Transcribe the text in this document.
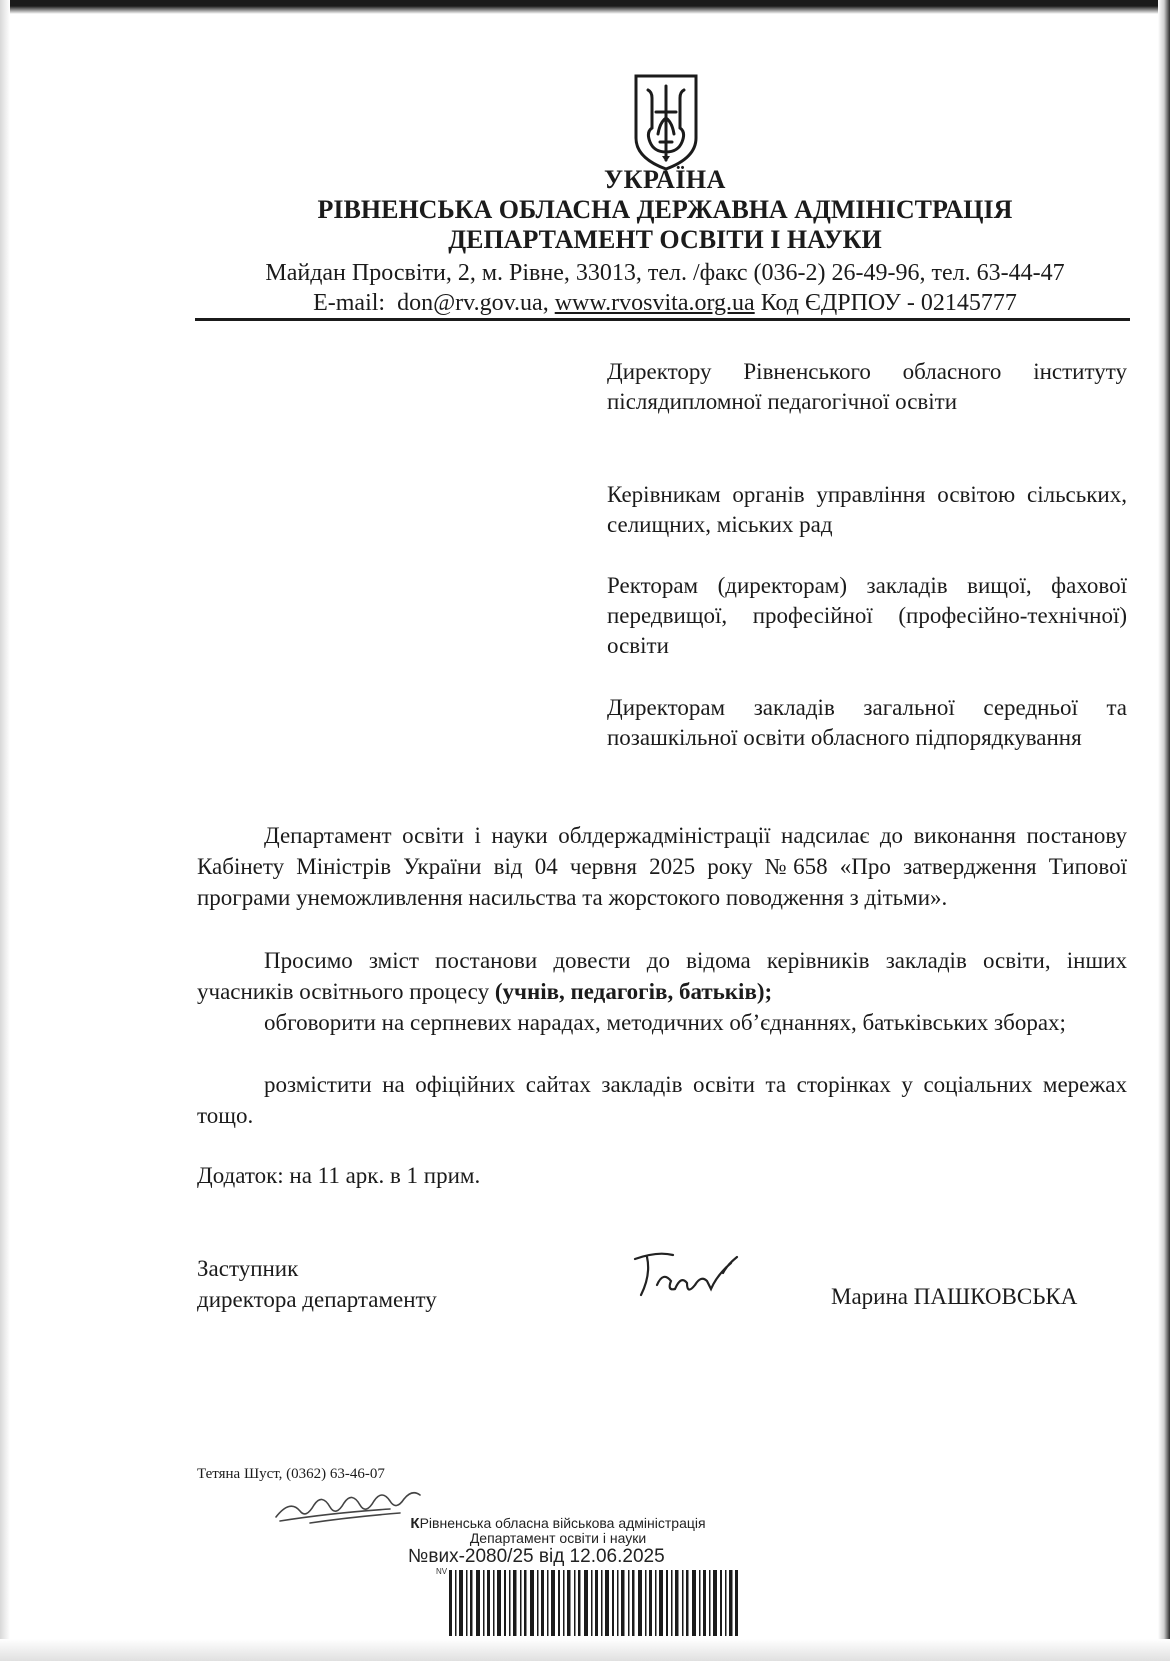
УКРАЇНА
РІВНЕНСЬКА ОБЛАСНА ДЕРЖАВНА АДМІНІСТРАЦІЯ
ДЕПАРТАМЕНТ ОСВІТИ І НАУКИ
Майдан Просвіти, 2, м. Рівне, 33013, тел. /факс (036-2) 26-49-96, тел. 63-44-47
E-mail: don@rv.gov.ua, www.rvosvita.org.ua Код ЄДРПОУ - 02145777
Директору Рівненського обласного інституту післядипломної педагогічної освіти
Керівникам органів управління освітою сільських, селищних, міських рад
Ректорам (директорам) закладів вищої, фахової передвищої, професійної (професійно-технічної) освіти
Директорам закладів загальної середньої та позашкільної освіти обласного підпорядкування
Департамент освіти і науки облдержадміністрації надсилає до виконання постанову Кабінету Міністрів України від 04 червня 2025 року №658 «Про затвердження Типової програми унеможливлення насильства та жорстокого поводження з дітьми».
Просимо зміст постанови довести до відома керівників закладів освіти, інших учасників освітнього процесу (учнів, педагогів, батьків);
обговорити на серпневих нарадах, методичних об’єднаннях, батьківських зборах;
розмістити на офіційних сайтах закладів освіти та сторінках у соціальних мережах тощо.
Додаток: на 11 арк. в 1 прим.
Заступник
директора департаменту	Марина ПАШКОВСЬКА
Тетяна Шуст, (0362) 63-46-07
КРівненська обласна військова адміністрація
Департамент освіти і науки
№вих-2080/25 від 12.06.2025
NV
